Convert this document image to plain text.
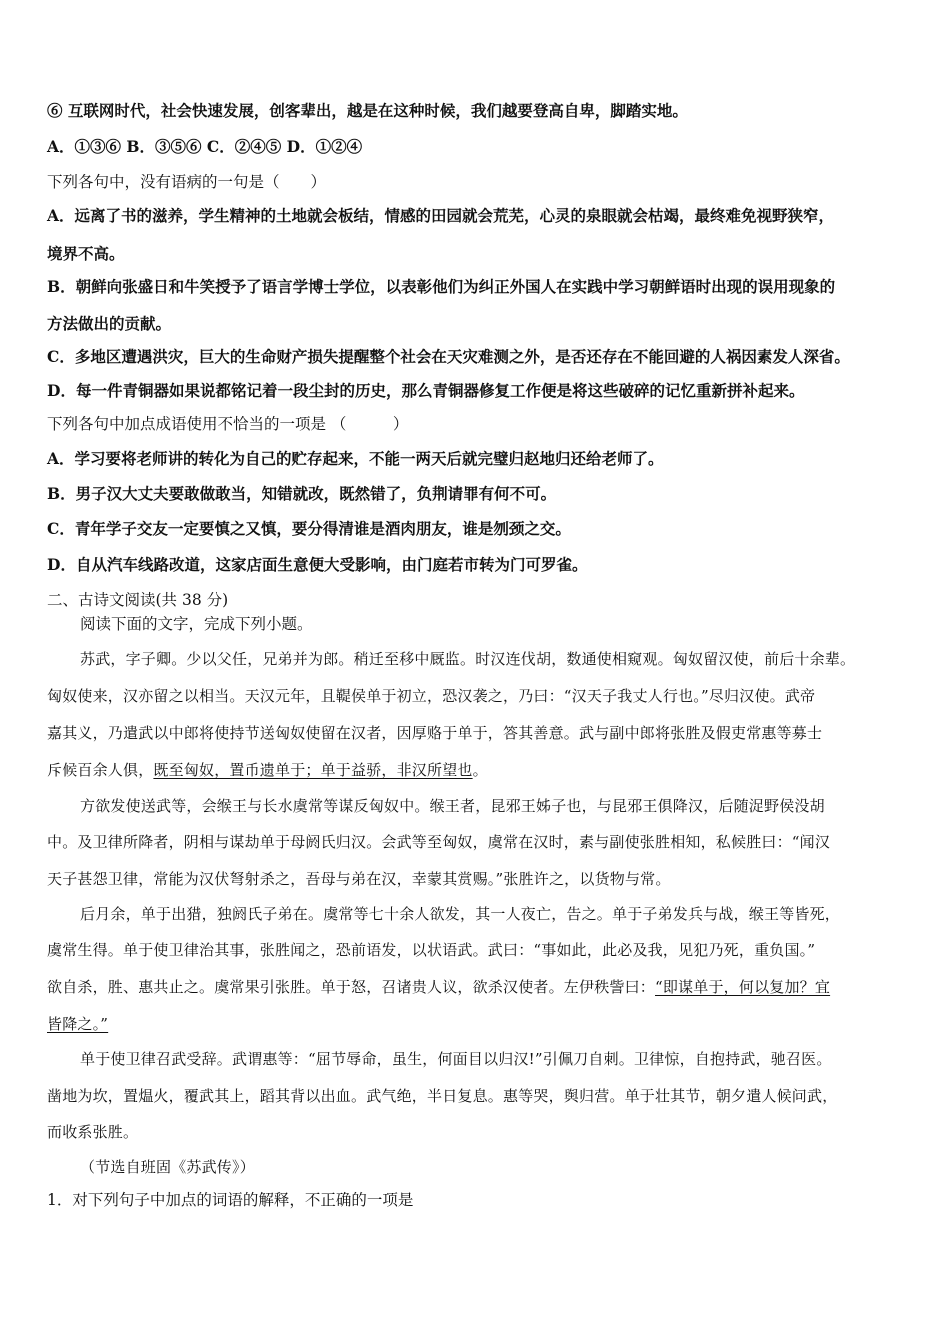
⑥ 互联网时代，社会快速发展，创客辈出，越是在这种时候，我们越要登高自卑，脚踏实地。
A．①③⑥ B．③⑤⑥ C．②④⑤ D．①②④
下列各句中，没有语病的一句是（　　）
A．远离了书的滋养，学生精神的土地就会板结，情感的田园就会荒芜，心灵的泉眼就会枯竭，最终难免视野狭窄，
境界不高。
B．朝鲜向张盛日和牛笑授予了语言学博士学位，以表彰他们为纠正外国人在实践中学习朝鲜语时出现的误用现象的
方法做出的贡献。
C．多地区遭遇洪灾，巨大的生命财产损失提醒整个社会在天灾难测之外，是否还存在不能回避的人祸因素发人深省。
D．每一件青铜器如果说都铭记着一段尘封的历史，那么青铜器修复工作便是将这些破碎的记忆重新拼补起来。
下列各句中加点成语使用不恰当的一项是 （　　　）
A．学习要将老师讲的转化为自己的贮存起来，不能一两天后就完璧归赵地归还给老师了。
B．男子汉大丈夫要敢做敢当，知错就改，既然错了，负荆请罪有何不可。
C．青年学子交友一定要慎之又慎，要分得清谁是酒肉朋友，谁是刎颈之交。
D．自从汽车线路改道，这家店面生意便大受影响，由门庭若市转为门可罗雀。
二、古诗文阅读(共 38 分)
阅读下面的文字，完成下列小题。
苏武，字子卿。少以父任，兄弟并为郎。稍迁至移中厩监。时汉连伐胡，数通使相窥观。匈奴留汉使，前后十余辈。
匈奴使来，汉亦留之以相当。天汉元年，且鞮侯单于初立，恐汉袭之，乃曰：“汉天子我丈人行也。”尽归汉使。武帝
嘉其义，乃遣武以中郎将使持节送匈奴使留在汉者，因厚赂于单于，答其善意。武与副中郎将张胜及假吏常惠等募士
斥候百余人俱，既至匈奴，置币遗单于；单于益骄，非汉所望也。
方欲发使送武等，会缑王与长水虞常等谋反匈奴中。缑王者，昆邪王姊子也，与昆邪王俱降汉，后随浞野侯没胡
中。及卫律所降者，阴相与谋劫单于母阏氏归汉。会武等至匈奴，虞常在汉时，素与副使张胜相知，私候胜曰：“闻汉
天子甚怨卫律，常能为汉伏弩射杀之，吾母与弟在汉，幸蒙其赏赐。”张胜许之，以货物与常。
后月余，单于出猎，独阏氏子弟在。虞常等七十余人欲发，其一人夜亡，告之。单于子弟发兵与战，缑王等皆死，
虞常生得。单于使卫律治其事，张胜闻之，恐前语发，以状语武。武曰：“事如此，此必及我，见犯乃死，重负国。”
欲自杀，胜、惠共止之。虞常果引张胜。单于怒，召诸贵人议，欲杀汉使者。左伊秩訾曰：“即谋单于，何以复加？宜
皆降之。”
单于使卫律召武受辞。武谓惠等：“屈节辱命，虽生，何面目以归汉!”引佩刀自刺。卫律惊，自抱持武，驰召医。
凿地为坎，置煴火，覆武其上，蹈其背以出血。武气绝，半日复息。惠等哭，舆归营。单于壮其节，朝夕遣人候问武，
而收系张胜。
（节选自班固《苏武传》）
1．对下列句子中加点的词语的解释，不正确的一项是
